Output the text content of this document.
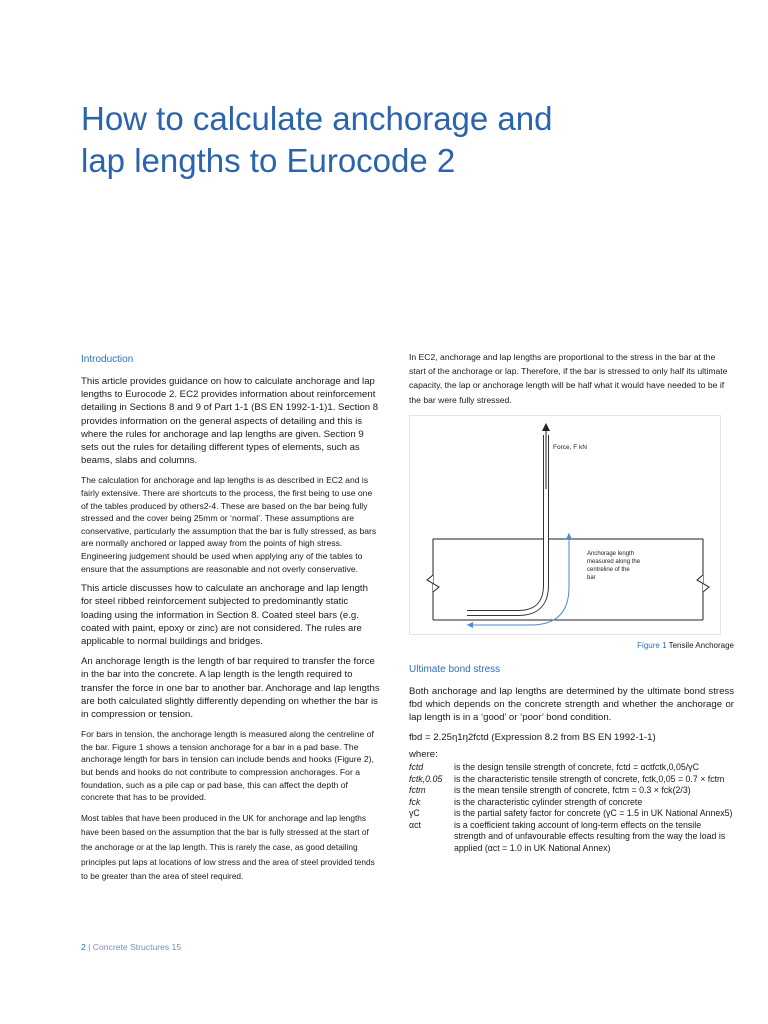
How to calculate anchorage and
lap lengths to Eurocode 2
Introduction

This article provides guidance on how to calculate anchorage and lap lengths to Eurocode 2. EC2 provides information about reinforcement detailing in Sections 8 and 9 of Part 1-1 (BS EN 1992-1-1)1. Section 8 provides information on the general aspects of detailing and this is where the rules for anchorage and lap lengths are given. Section 9 sets out the rules for detailing different types of elements, such as beams, slabs and columns.

The calculation for anchorage and lap lengths is as described in EC2 and is fairly extensive. There are shortcuts to the process, the first being to use one of the tables produced by others2-4. These are based on the bar being fully stressed and the cover being 25mm or ‘normal’. These assumptions are conservative, particularly the assumption that the bar is fully stressed, as bars are normally anchored or lapped away from the points of high stress. Engineering judgement should be used when applying any of the tables to ensure that the assumptions are reasonable and not overly conservative.

This article discusses how to calculate an anchorage and lap length for steel ribbed reinforcement subjected to predominantly static loading using the information in Section 8. Coated steel bars (e.g. coated with paint, epoxy or zinc) are not considered. The rules are applicable to normal buildings and bridges.

An anchorage length is the length of bar required to transfer the force in the bar into the concrete. A lap length is the length required to transfer the force in one bar to another bar. Anchorage and lap lengths are both calculated slightly differently depending on whether the bar is in compression or tension.

For bars in tension, the anchorage length is measured along the centreline of the bar. Figure 1 shows a tension anchorage for a bar in a pad base. The anchorage length for bars in tension can include bends and hooks (Figure 2), but bends and hooks do not contribute to compression anchorages. For a foundation, such as a pile cap or pad base, this can affect the depth of concrete that has to be provided.

Most tables that have been produced in the UK for anchorage and lap lengths have been based on the assumption that the bar is fully stressed at the start of the anchorage or at the lap length. This is rarely the case, as good detailing principles put laps at locations of low stress and the area of steel provided tends to be greater than the area of steel required.

In EC2, anchorage and lap lengths are proportional to the stress in the bar at the start of the anchorage or lap. Therefore, if the bar is stressed to only half its ultimate capacity, the lap or anchorage length will be half what it would have needed to be if the bar were fully stressed.

Force, F kN
Anchorage length
measured along the
centreline of the
bar
Figure 1 Tensile Anchorage
Ultimate bond stress

Both anchorage and lap lengths are determined by the ultimate bond stress fbd which depends on the concrete strength and whether the anchorage or lap length is in a ‘good’ or ‘poor’ bond condition.

fbd = 2.25η1η2fctd (Expression 8.2 from BS EN 1992-1-1)
where:
fctd	is the design tensile strength of concrete, fctd = αctfctk,0,05/γC
fctk,0.05	is the characteristic tensile strength of concrete, fctk,0,05 = 0.7 × fctm
fctm	is the mean tensile strength of concrete, fctm = 0.3 × fck(2/3)
fck	is the characteristic cylinder strength of concrete
γC	is the partial safety factor for concrete (γC = 1.5 in UK National Annex5)
αct	is a coefficient taking account of long-term effects on the tensile strength and of unfavourable effects resulting from the way the load is applied (αct = 1.0 in UK National Annex)
2 | Concrete Structures 15
